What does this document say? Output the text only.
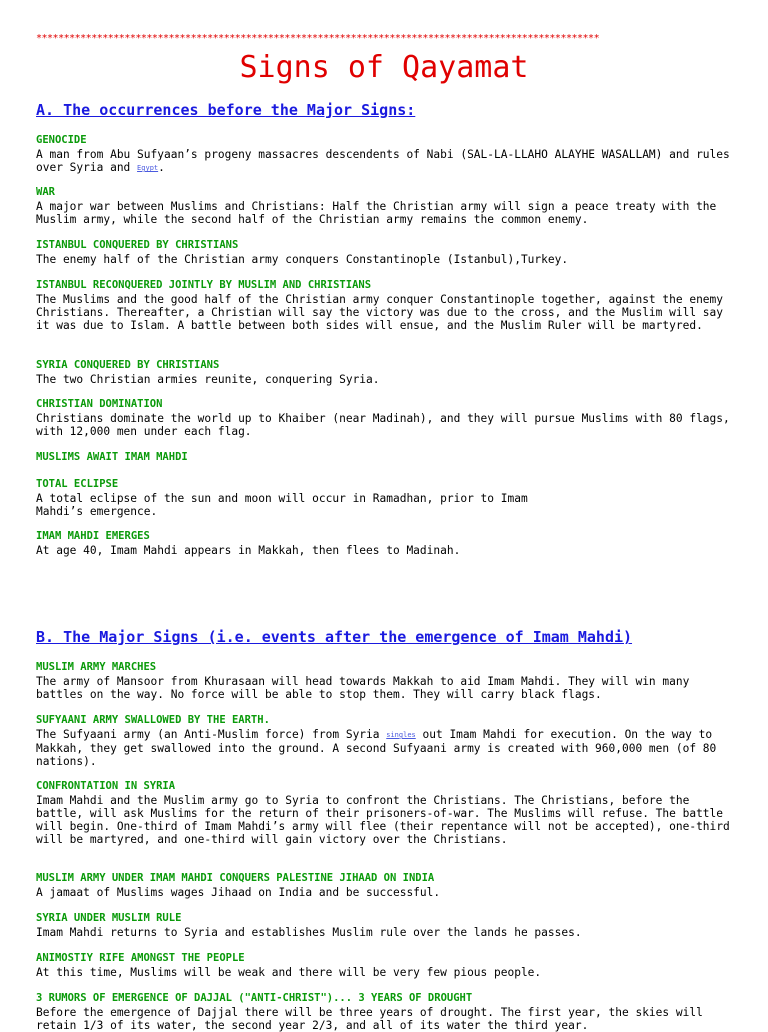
******************************************************************************************************
Signs of Qayamat
A. The occurrences before the Major Signs:
GENOCIDE
A man from Abu Sufyaan’s progeny massacres descendents of Nabi (SAL-LA-LLAHO ALAYHE WASALLAM) and rules over Syria and Egypt.
WAR
A major war between Muslims and Christians: Half the Christian army will sign a peace treaty with the Muslim army, while the second half of the Christian army remains the common enemy.
ISTANBUL CONQUERED BY CHRISTIANS
The enemy half of the Christian army conquers Constantinople (Istanbul),Turkey.
ISTANBUL RECONQUERED JOINTLY BY MUSLIM AND CHRISTIANS
The Muslims and the good half of the Christian army conquer Constantinople together, against the enemy Christians. Thereafter, a Christian will say the victory was due to the cross, and the Muslim will say it was due to Islam. A battle between both sides will ensue, and the Muslim Ruler will be martyred.
SYRIA CONQUERED BY CHRISTIANS
The two Christian armies reunite, conquering Syria.
CHRISTIAN DOMINATION
Christians dominate the world up to Khaiber (near Madinah), and they will pursue Muslims with 80 flags, with 12,000 men under each flag.
MUSLIMS AWAIT IMAM MAHDI
TOTAL ECLIPSE
A total eclipse of the sun and moon will occur in Ramadhan, prior to Imam Mahdi’s emergence.
IMAM MAHDI EMERGES
At age 40, Imam Mahdi appears in Makkah, then flees to Madinah.
B. The Major Signs (i.e. events after the emergence of Imam Mahdi)
MUSLIM ARMY MARCHES
The army of Mansoor from Khurasaan will head towards Makkah to aid Imam Mahdi. They will win many battles on the way. No force will be able to stop them. They will carry black flags.
SUFYAANI ARMY SWALLOWED BY THE EARTH.
The Sufyaani army (an Anti-Muslim force) from Syria singles out Imam Mahdi for execution. On the way to Makkah, they get swallowed into the ground. A second Sufyaani army is created with 960,000 men (of 80 nations).
CONFRONTATION IN SYRIA
Imam Mahdi and the Muslim army go to Syria to confront the Christians. The Christians, before the battle, will ask Muslims for the return of their prisoners-of-war. The Muslims will refuse. The battle will begin. One-third of Imam Mahdi’s army will flee (their repentance will not be accepted), one-third will be martyred, and one-third will gain victory over the Christians.
MUSLIM ARMY UNDER IMAM MAHDI CONQUERS PALESTINE JIHAAD ON INDIA
A jamaat of Muslims wages Jihaad on India and be successful.
SYRIA UNDER MUSLIM RULE
Imam Mahdi returns to Syria and establishes Muslim rule over the lands he passes.
ANIMOSTIY RIFE AMONGST THE PEOPLE
At this time, Muslims will be weak and there will be very few pious people.
3 RUMORS OF EMERGENCE OF DAJJAL ("ANTI-CHRIST")... 3 YEARS OF DROUGHT
Before the emergence of Dajjal there will be three years of drought. The first year, the skies will retain 1/3 of its water, the second year 2/3, and all of its water the third year.
